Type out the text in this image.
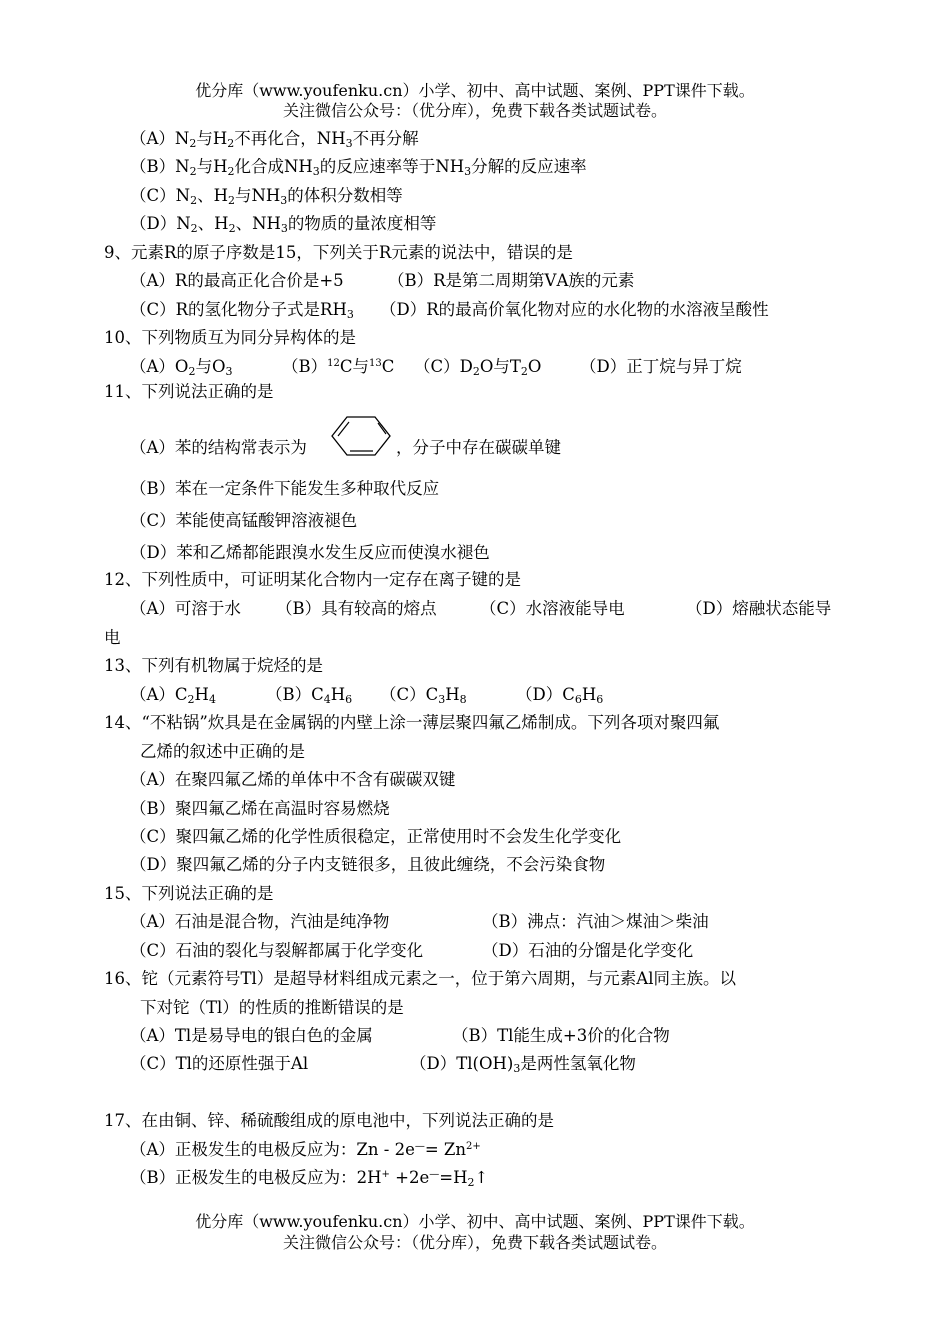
优分库（www.youfenku.cn）小学、初中、高中试题、案例、PPT课件下载。
关注微信公众号：（优分库），免费下载各类试题试卷。
$(A)N_2$与$H_2$不再化合，$NH_3$不再分解
$(B)N_2$与$H_2$化合成$NH_3$的反应速率等于$NH_3$分解的反应速率
$(C)N_2$、$H_2$与$NH_3$的体积分数相等
$(D)N_2$、$H_2$、$NH_3$的物质的量浓度相等
9、元素R的原子序数是15，下列关于R元素的说法中，错误的是
（A）R的最高正化合价是+5	（B）R是第二周期第ⅤA族的元素
（C）R的氢化物分子式是$RH_3$ （D）R的最高价氧化物对应的水化物的水溶液呈酸性
10、下列物质互为同分异构体的是
$(A)O_2$与$O_3$	$(B)^{12}C$与$^{13}$C $(C)D_2O$与$T_2O$ （D）正丁烷与异丁烷
11、下列说法正确的是
（A）苯的结构常表示为	，分子中存在碳碳单键
（B）苯在一定条件下能发生多种取代反应
（C）苯能使高锰酸钾溶液褪色
（D）苯和乙烯都能跟溴水发生反应而使溴水褪色
12、下列性质中，可证明某化合物内一定存在离子键的是
（A）可溶于水 （B）具有较高的熔点	（C）水溶液能导电	（D）熔融状态能导
电
13、下列有机物属于烷烃的是
$(A)C_2H_4$	$(B)C_4H_6$ $(C)C_3H_8$	$(D)C_6H_6$
14、“不粘锅”炊具是在金属锅的内壁上涂一薄层聚四氟乙烯制成。下列各项对聚四氟
乙烯的叙述中正确的是
（A）在聚四氟乙烯的单体中不含有碳碳双键
（B）聚四氟乙烯在高温时容易燃烧
（C）聚四氟乙烯的化学性质很稳定，正常使用时不会发生化学变化
（D）聚四氟乙烯的分子内支链很多，且彼此缠绕，不会污染食物
15、下列说法正确的是
（A）石油是混合物，汽油是纯净物	（B）沸点：汽油＞煤油＞柴油
（C）石油的裂化与裂解都属于化学变化	（D）石油的分馏是化学变化
16、铊（元素符号Tl）是超导材料组成元素之一，位于第六周期，与元素Al同主族。以
下对铊（Tl）的性质的推断错误的是
（A）Tl是易导电的银白色的金属	（B）Tl能生成+3价的化合物
（C）Tl的还原性强于Al	$(D)Tl(OH)_3$是两性氢氧化物
17、在由铜、锌、稀硫酸组成的原电池中，下列说法正确的是
（A）正极发生的电极反应为：$Zn - 2e^—= Zn^{2+}$
（B）正极发生的电极反应为：$2H^+ +2e^—=H_2↑$
优分库（www.youfenku.cn）小学、初中、高中试题、案例、PPT课件下载。
关注微信公众号：（优分库），免费下载各类试题试卷。
